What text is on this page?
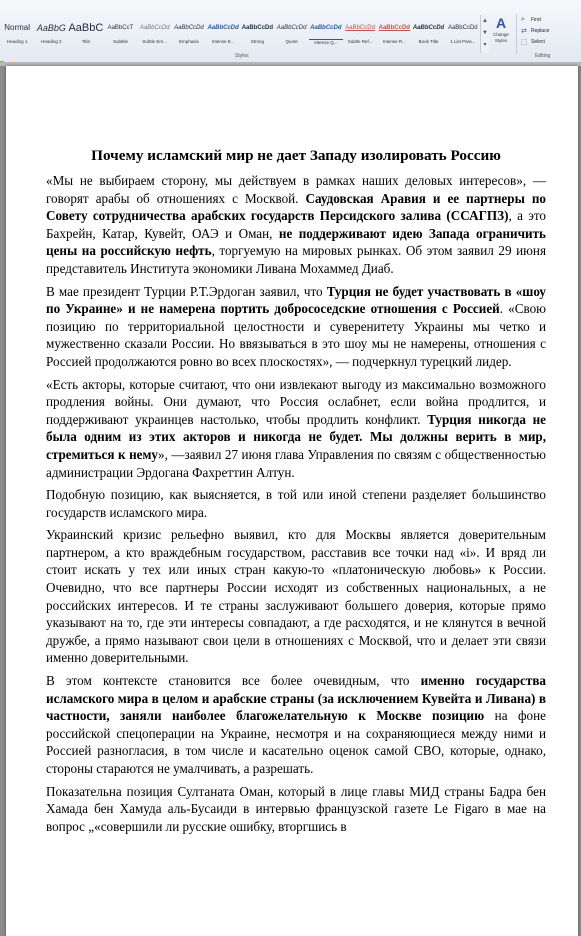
Normal
Heading 1
AaBbG
Heading 2
AaBbC
Title
AaBbCcT
Subtitle
AaBbCcDd
Subtle Em...
AaBbCcDd
Emphasis
AaBbCcDd
Intense E...
AaBbCcDd
Strong
AaBbCcDd
Quote
AaBbCcDd
Intense Q...
AaBbCcDd
Subtle Ref...
AaBbCcDd
Intense R...
AaBbCcDd
Book Title
AaBbCcDd
1 List Para...
▲
▼
▾
A
Change Styles
Styles
⌕	Find
⇄ Replace
⬚ Select
Editing
Почему исламский мир не дает Западу изолировать Россию

«Мы не выбираем сторону, мы действуем в рамках наших деловых интересов», — говорят арабы об отношениях с Москвой. Саудовская Аравия и ее партнеры по Совету сотрудничества арабских государств Персидского залива (ССАГПЗ), а это Бахрейн, Катар, Кувейт, ОАЭ и Оман, не поддерживают идею Запада ограничить цены на российскую нефть, торгуемую на мировых рынках. Об этом заявил 29 июня представитель Института экономики Ливана Мохаммед Диаб.

В мае президент Турции Р.Т.Эрдоган заявил, что Турция не будет участвовать в «шоу по Украине» и не намерена портить добрососедские отношения с Россией. «Свою позицию по территориальной целостности и суверенитету Украины мы четко и мужественно сказали России. Но ввязываться в это шоу мы не намерены, отношения с Россией продолжаются ровно во всех плоскостях», — подчеркнул турецкий лидер.

«Есть акторы, которые считают, что они извлекают выгоду из максимально возможного продления войны. Они думают, что Россия ослабнет, если война продлится, и поддерживают украинцев настолько, чтобы продлить конфликт. Турция никогда не была одним из этих акторов и никогда не будет. Мы должны верить в мир, стремиться к нему», —заявил 27 июня глава Управления по связям с общественностью администрации Эрдогана Фахреттин Алтун.

Подобную позицию, как выясняется, в той или иной степени разделяет большинство государств исламского мира.

Украинский кризис рельефно выявил, кто для Москвы является доверительным партнером, а кто враждебным государством, расставив все точки над «i». И вряд ли стоит искать у тех или иных стран какую-то «платоническую любовь» к России. Очевидно, что все партнеры России исходят из собственных национальных, а не российских интересов. И те страны заслуживают большего доверия, которые прямо указывают на то, где эти интересы совпадают, а где расходятся, и не клянутся в вечной дружбе, а прямо называют свои цели в отношениях с Москвой, что и делает эти связи именно доверительными.

В этом контексте становится все более очевидным, что именно государства исламского мира в целом и арабские страны (за исключением Кувейта и Ливана) в частности, заняли наиболее благожелательную к Москве позицию на фоне российской спецоперации на Украине, несмотря и на сохраняющиеся между ними и Россией разногласия, в том числе и касательно оценок самой СВО, которые, однако, стороны стараются не умалчивать, а разрешать.

Показательна позиция Султаната Оман, который в лице главы МИД страны Бадра бен Хамада бен Хамуда аль-Бусаиди в интервью французской газете Le Figaro в мае на вопрос „«совершили ли русские ошибку, вторгшись в
